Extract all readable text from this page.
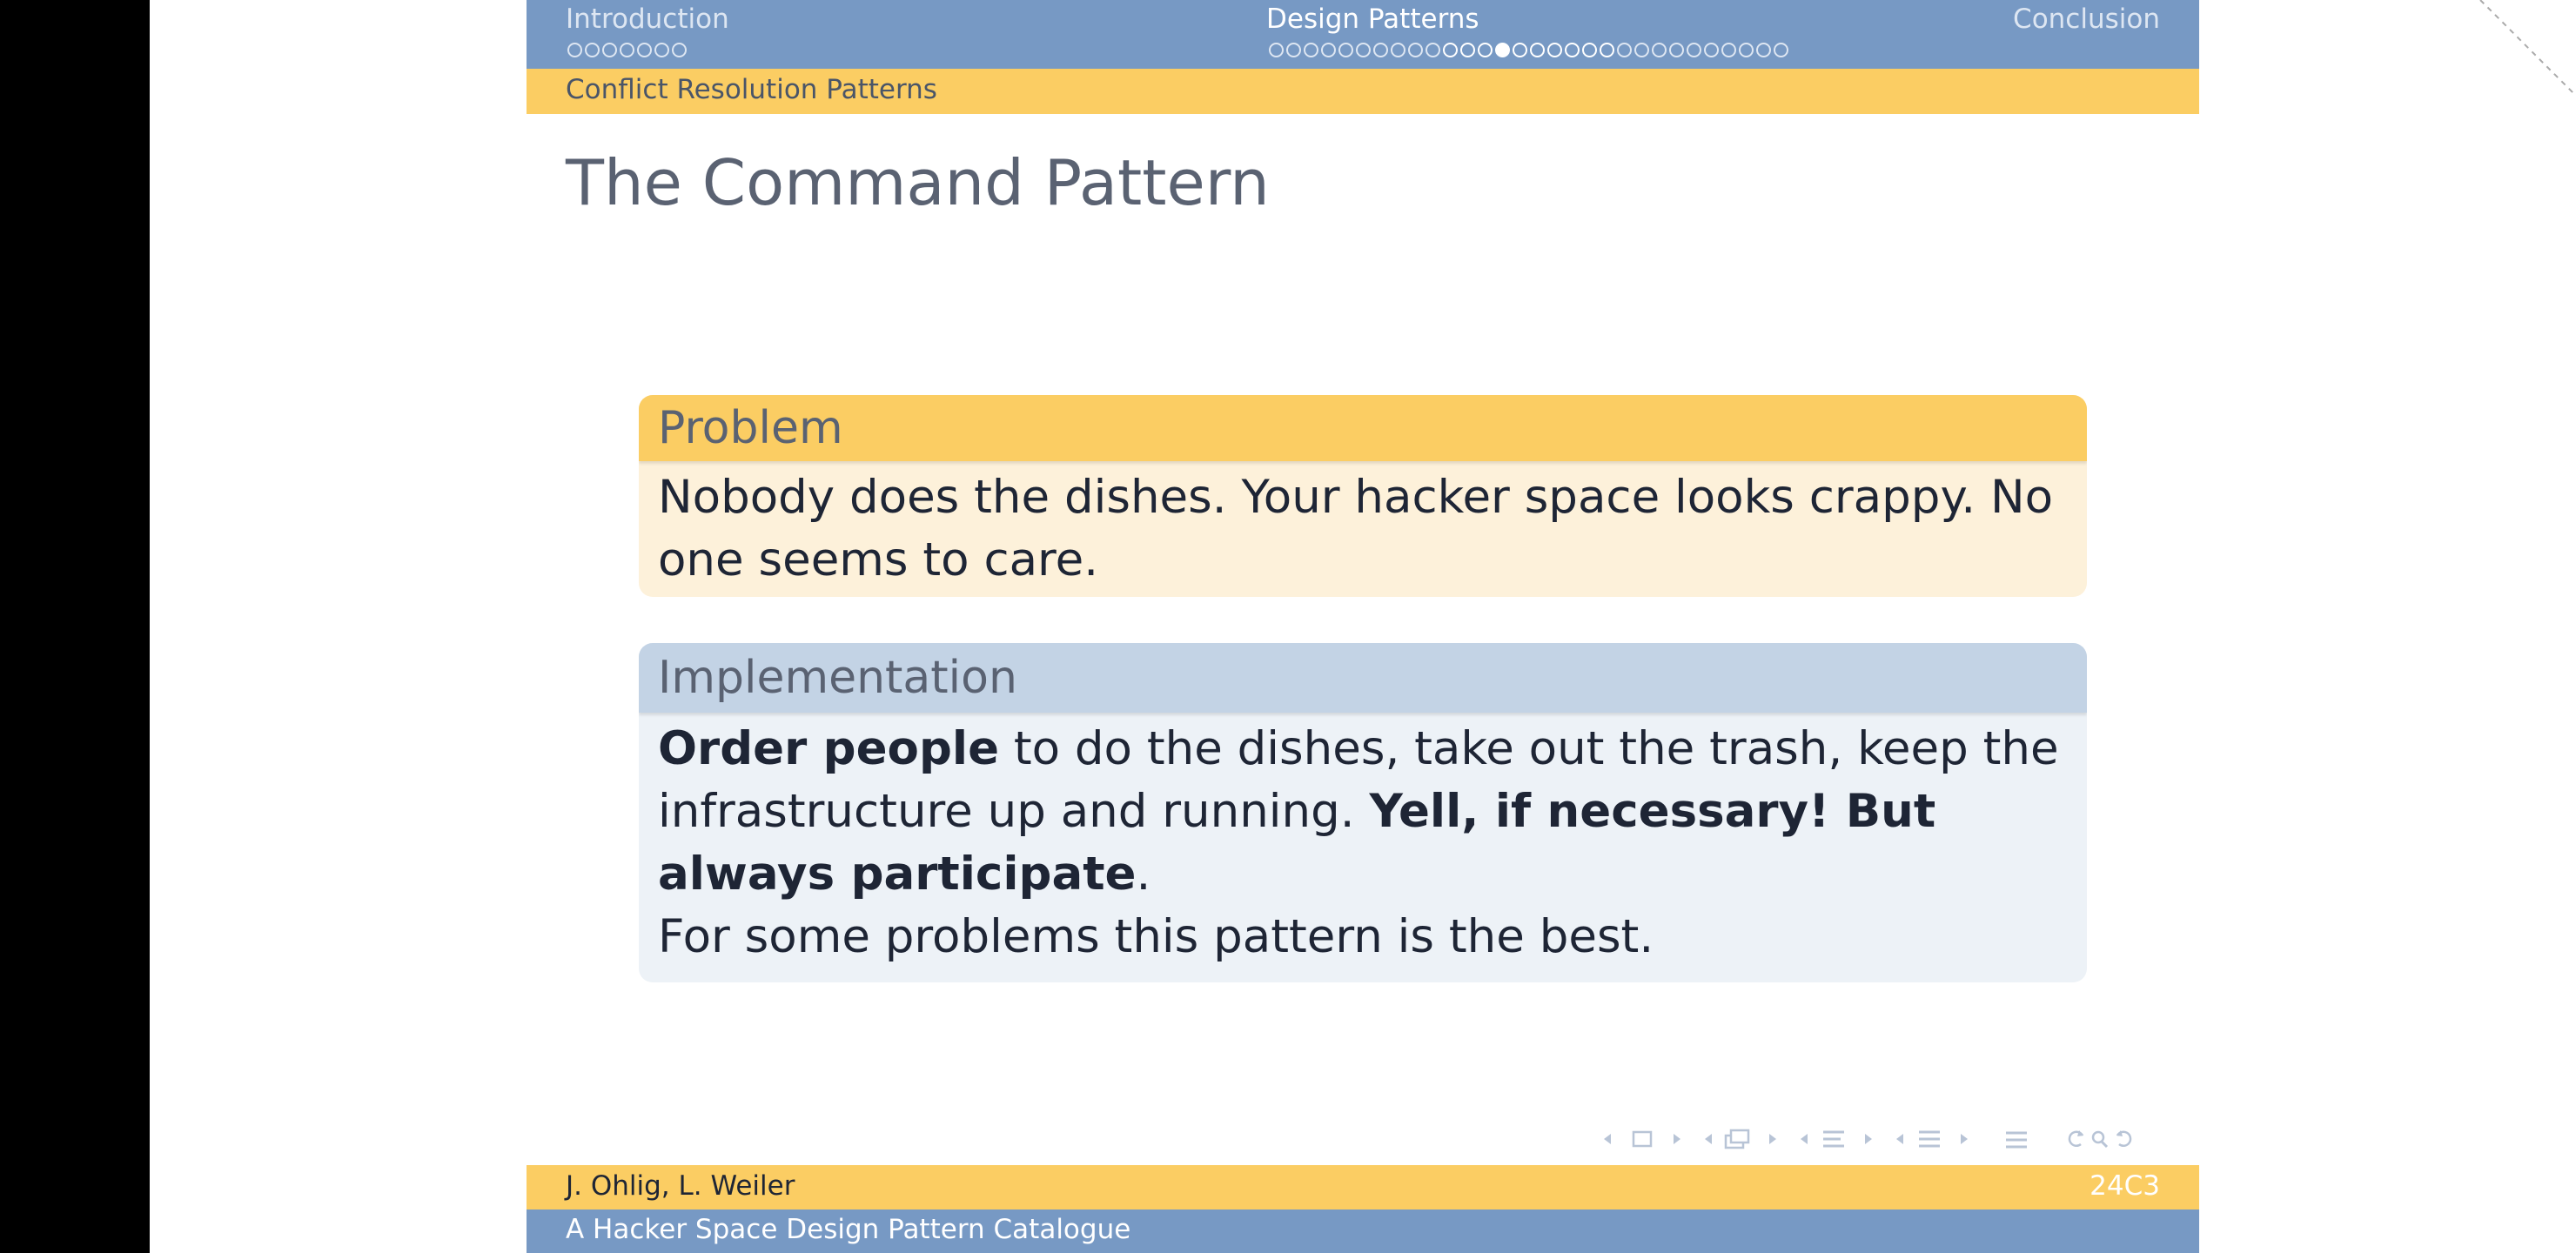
Introduction	Design Patterns	Conclusion
Conflict Resolution Patterns
The Command Pattern
Problem
Nobody does the dishes. Your hacker space looks crappy. No one seems to care.
Implementation
Order people to do the dishes, take out the trash, keep the infrastructure up and running. Yell, if necessary! But always participate.
For some problems this pattern is the best.
J. Ohlig, L. Weiler	24C3
A Hacker Space Design Pattern Catalogue
